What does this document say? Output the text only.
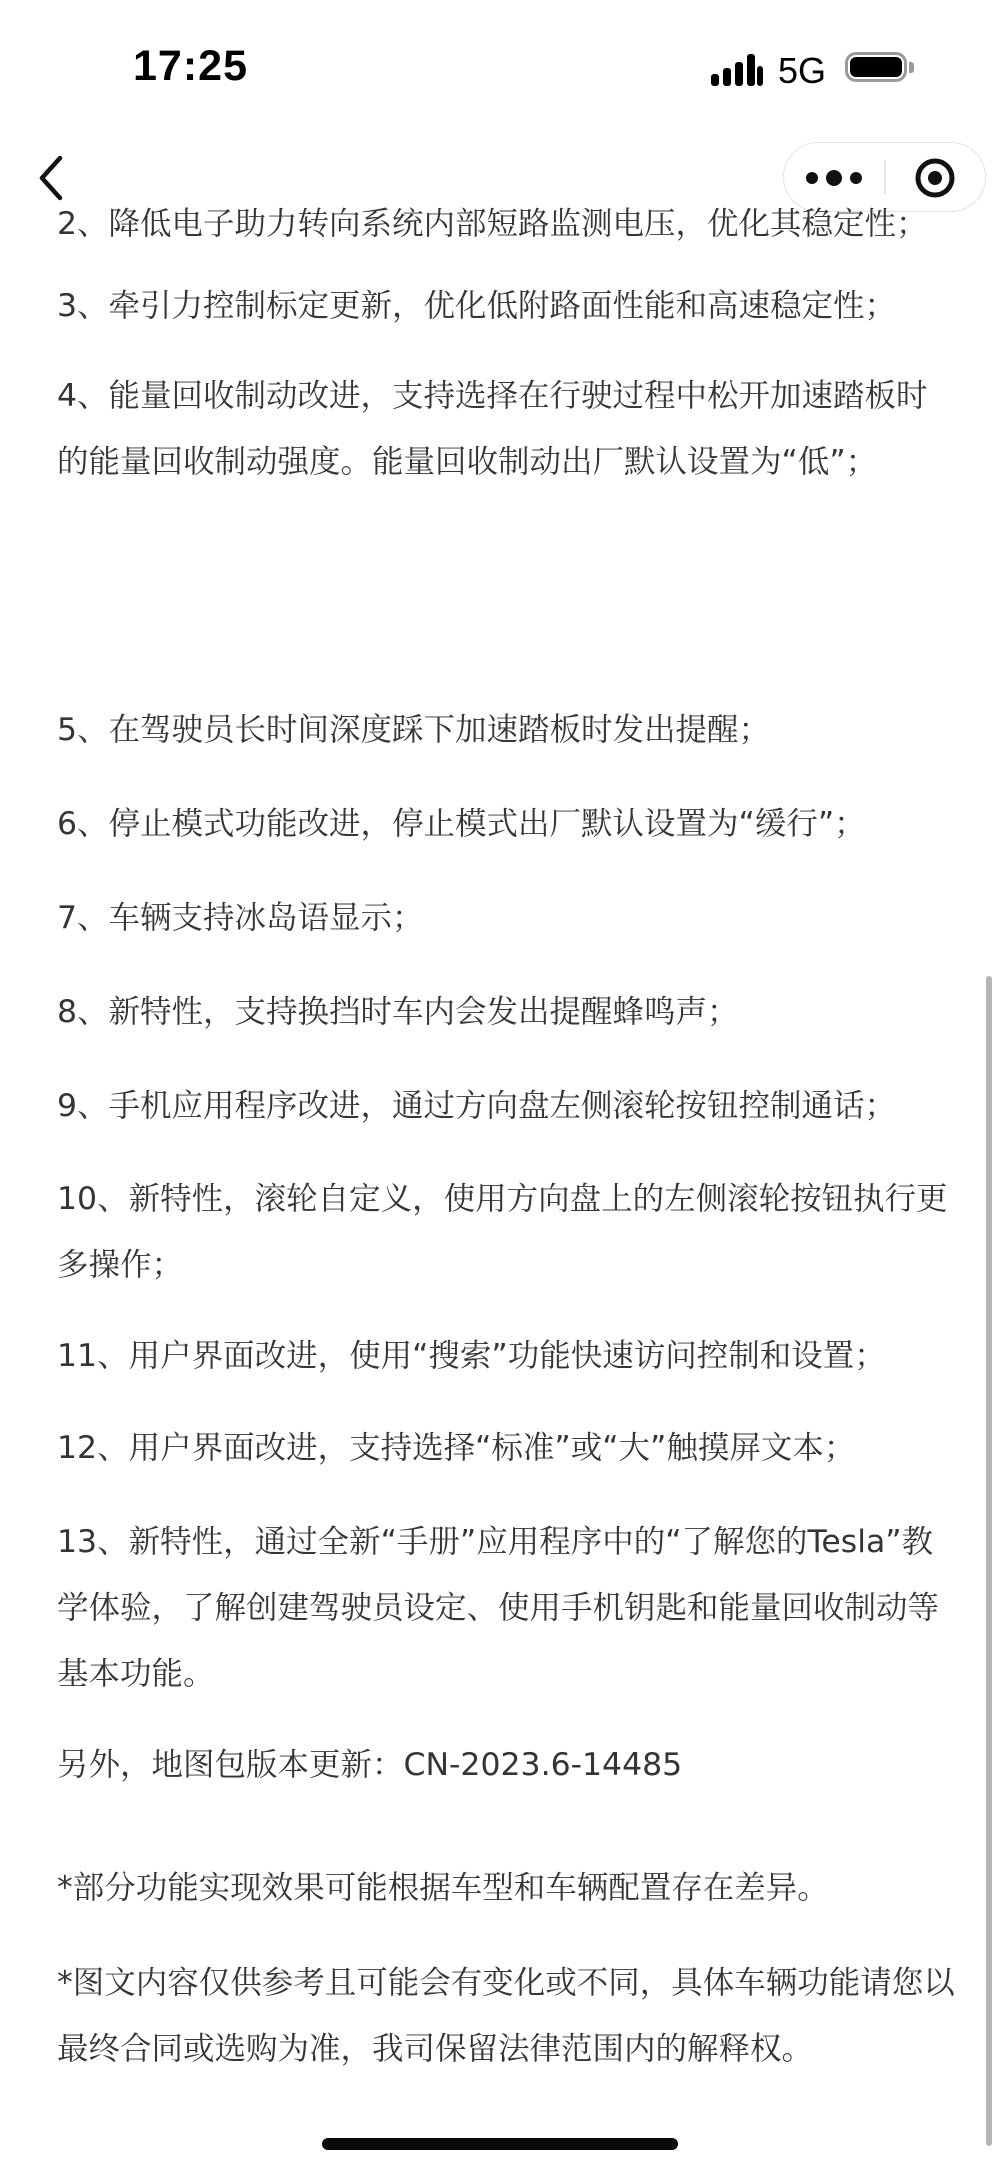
17:25	5G

2、降低电子助力转向系统内部短路监测电压，优化其稳定性；

3、牵引力控制标定更新，优化低附路面性能和高速稳定性；

4、能量回收制动改进，支持选择在行驶过程中松开加速踏板时的能量回收制动强度。能量回收制动出厂默认设置为“低”；

5、在驾驶员长时间深度踩下加速踏板时发出提醒；

6、停止模式功能改进，停止模式出厂默认设置为“缓行”；

7、车辆支持冰岛语显示；

8、新特性，支持换挡时车内会发出提醒蜂鸣声；

9、手机应用程序改进，通过方向盘左侧滚轮按钮控制通话；

10、新特性，滚轮自定义，使用方向盘上的左侧滚轮按钮执行更多操作；

11、用户界面改进，使用“搜索”功能快速访问控制和设置；

12、用户界面改进，支持选择“标准”或“大”触摸屏文本；

13、新特性，通过全新“手册”应用程序中的“了解您的Tesla”教学体验，了解创建驾驶员设定、使用手机钥匙和能量回收制动等基本功能。

另外，地图包版本更新：CN-2023.6-14485

*部分功能实现效果可能根据车型和车辆配置存在差异。

*图文内容仅供参考且可能会有变化或不同，具体车辆功能请您以最终合同或选购为准，我司保留法律范围内的解释权。
